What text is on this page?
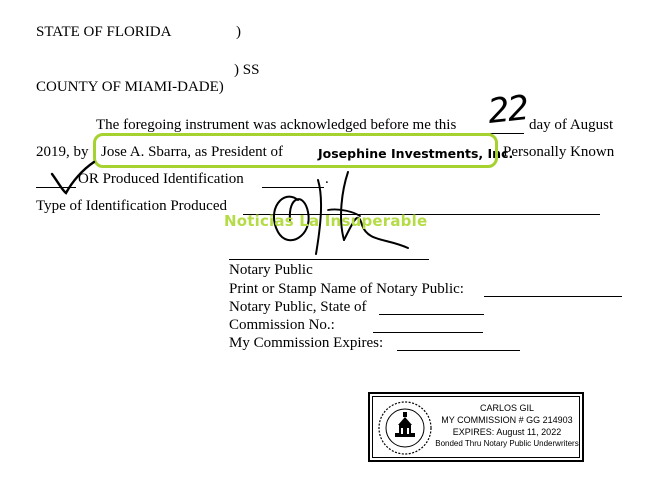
STATE OF FLORIDA	)
) SS
COUNTY OF MIAMI-DADE)
The foregoing instrument was acknowledged before me this 22 day of August
2019, by Jose A. Sbarra, as President of	Josephine Investments, Inc.
Personally Known
OR Produced Identification	.
Type of Identification Produced
Noticias La Insuperable
Notary Public
Print or Stamp Name of Notary Public:
Notary Public, State of
Commission No.:
My Commission Expires:
CARLOS GIL
MY COMMISSION # GG 214903
EXPIRES: August 11, 2022
Bonded Thru Notary Public Underwriters
